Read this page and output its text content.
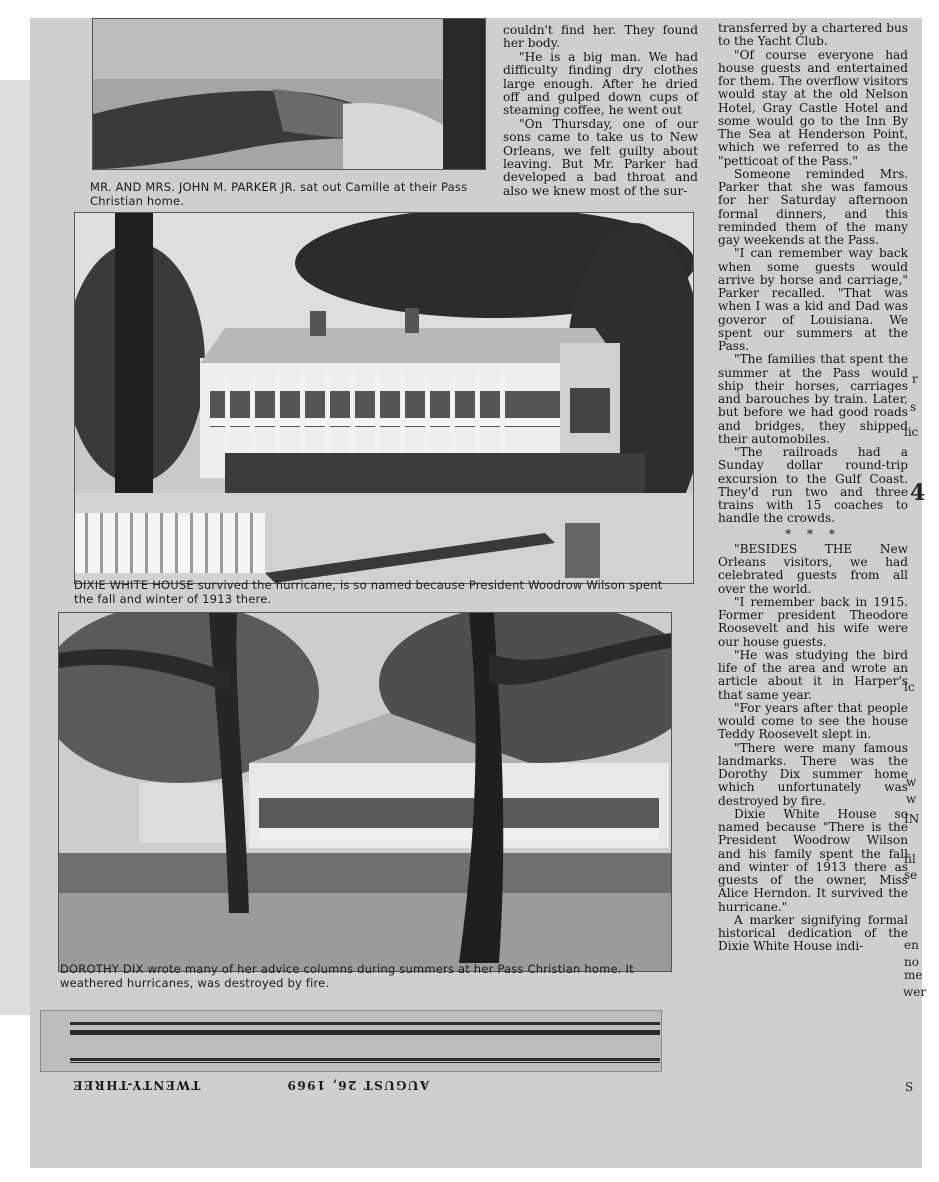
MR. AND MRS. JOHN M. PARKER JR. sat out Camille at their Pass Christian home.
DIXIE WHITE HOUSE survived the hurricane, is so named because President Woodrow Wilson spent the fall and winter of 1913 there.
DOROTHY DIX wrote many of her advice columns during summers at her Pass Christian home. It weathered hurricanes, was destroyed by fire.

couldn't find her. They found her body.

"He is a big man. We had difficulty finding dry clothes large enough. After he dried off and gulped down cups of steaming coffee, he went out

"On Thursday, one of our sons came to take us to New Orleans, we felt guilty about leaving. But Mr. Parker had developed a bad throat and also we knew most of the sur-

transferred by a chartered bus to the Yacht Club.

"Of course everyone had house guests and entertained for them. The overflow visitors would stay at the old Nelson Hotel, Gray Castle Hotel and some would go to the Inn By The Sea at Henderson Point, which we referred to as the "petticoat of the Pass."

Someone reminded Mrs. Parker that she was famous for her Saturday afternoon formal dinners, and this reminded them of the many gay weekends at the Pass.

"I can remember way back when some guests would arrive by horse and carriage," Parker recalled. "That was when I was a kid and Dad was goveror of Louisiana. We spent our summers at the Pass.

"The families that spent the summer at the Pass would ship their horses, carriages and barouches by train. Later, but before we had good roads and bridges, they shipped their automobiles.

"The railroads had a Sunday dollar round-trip excursion to the Gulf Coast. They'd run two and three trains with 15 coaches to handle the crowds.

* * *

"BESIDES THE New Orleans visitors, we had celebrated guests from all over the world.

"I remember back in 1915. Former president Theodore Roosevelt and his wife were our house guests.

"He was studying the bird life of the area and wrote an article about it in Harper's that same year.

"For years after that people would come to see the house Teddy Roosevelt slept in.

"There were many famous landmarks. There was the Dorothy Dix summer home which unfortunately was destroyed by fire.

Dixie White House so named because "There is the President Woodrow Wilson and his family spent the fall and winter of 1913 there as guests of the owner, Miss Alice Herndon. It survived the hurricane."

A marker signifying formal historical dedication of the Dixie White House indi-

r
s
lic
4
lc
w
w
IN
fil
se
en
no
me
wer
S
TWENTY-THREE	AUGUST 26, 1969
